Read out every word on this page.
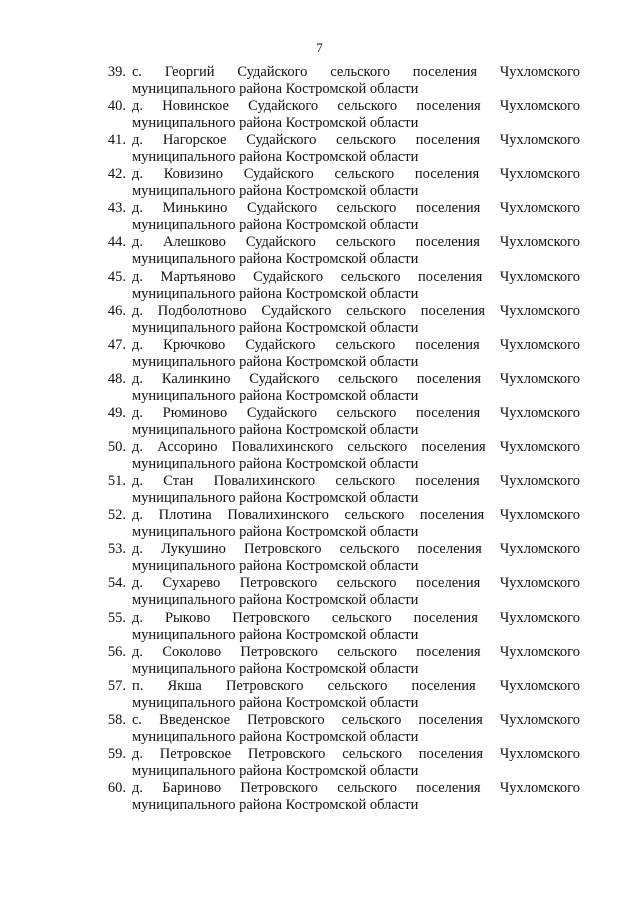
7
39. с. Георгий Судайского сельского поселения Чухломского
муниципального района Костромской области
40. д. Новинское Судайского сельского поселения Чухломского
муниципального района Костромской области
41. д. Нагорское Судайского сельского поселения Чухломского
муниципального района Костромской области
42. д. Ковизино Судайского сельского поселения Чухломского
муниципального района Костромской области
43. д. Минькино Судайского сельского поселения Чухломского
муниципального района Костромской области
44. д. Алешково Судайского сельского поселения Чухломского
муниципального района Костромской области
45. д. Мартьяново Судайского сельского поселения Чухломского
муниципального района Костромской области
46. д. Подболотново Судайского сельского поселения Чухломского
муниципального района Костромской области
47. д. Крючково Судайского сельского поселения Чухломского
муниципального района Костромской области
48. д. Калинкино Судайского сельского поселения Чухломского
муниципального района Костромской области
49. д. Рюминово Судайского сельского поселения Чухломского
муниципального района Костромской области
50. д. Ассорино Повалихинского сельского поселения Чухломского
муниципального района Костромской области
51. д. Стан Повалихинского сельского поселения Чухломского
муниципального района Костромской области
52. д. Плотина Повалихинского сельского поселения Чухломского
муниципального района Костромской области
53. д. Лукушино Петровского сельского поселения Чухломского
муниципального района Костромской области
54. д. Сухарево Петровского сельского поселения Чухломского
муниципального района Костромской области
55. д. Рыково Петровского сельского поселения Чухломского
муниципального района Костромской области
56. д. Соколово Петровского сельского поселения Чухломского
муниципального района Костромской области
57. п. Якша Петровского сельского поселения Чухломского
муниципального района Костромской области
58. с. Введенское Петровского сельского поселения Чухломского
муниципального района Костромской области
59. д. Петровское Петровского сельского поселения Чухломского
муниципального района Костромской области
60. д. Бариново Петровского сельского поселения Чухломского
муниципального района Костромской области
